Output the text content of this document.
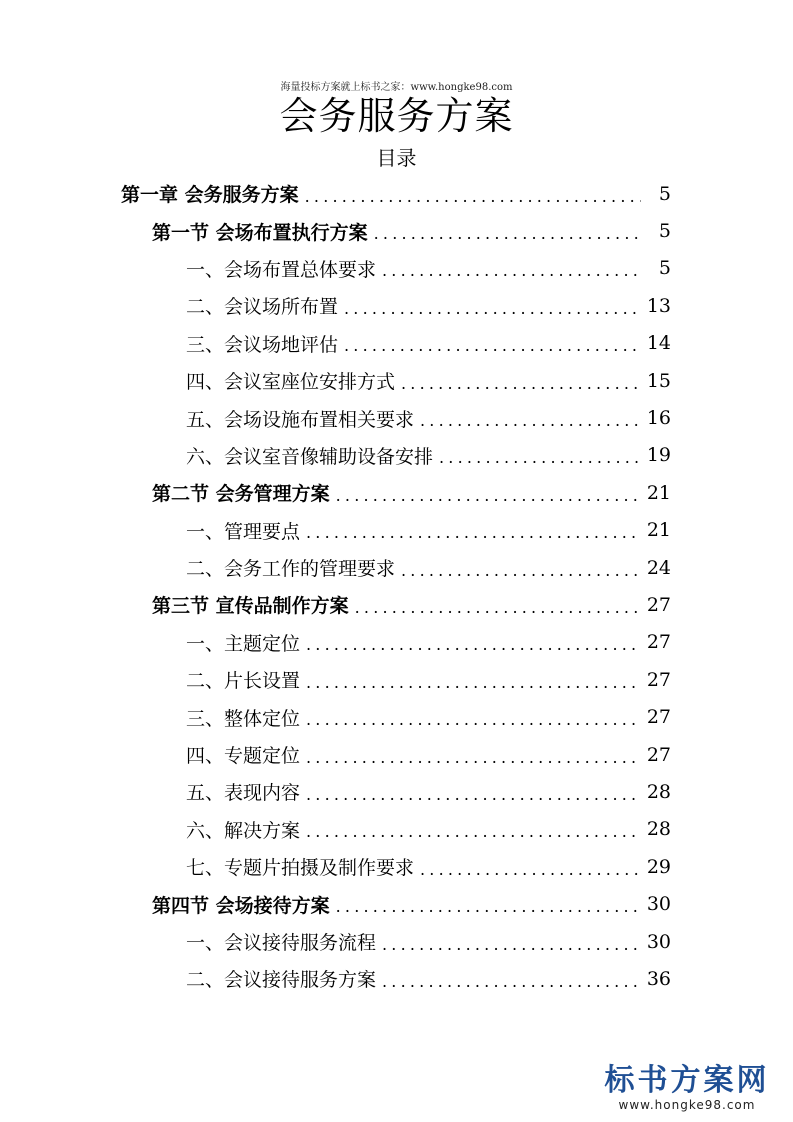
海量投标方案就上标书之家：www.hongke98.com
会务服务方案
目录
第一章 会务服务方案 .....	5
第一节 会场布置执行方案 .....	5
一、会场布置总体要求 .....	5
二、会议场所布置 .....	13
三、会议场地评估 .....	14
四、会议室座位安排方式 .....	15
五、会场设施布置相关要求 .....	16
六、会议室音像辅助设备安排 .....	19
第二节 会务管理方案 .....	21
一、管理要点 .....	21
二、会务工作的管理要求 .....	24
第三节 宣传品制作方案 .....	27
一、主题定位 .....	27
二、片长设置 .....	27
三、整体定位 .....	27
四、专题定位 .....	27
五、表现内容 .....	28
六、解决方案 .....	28
七、专题片拍摄及制作要求 .....	29
第四节 会场接待方案 .....	30
一、会议接待服务流程 .....	30
二、会议接待服务方案 .....	36
标书方案网
www.hongke98.com
